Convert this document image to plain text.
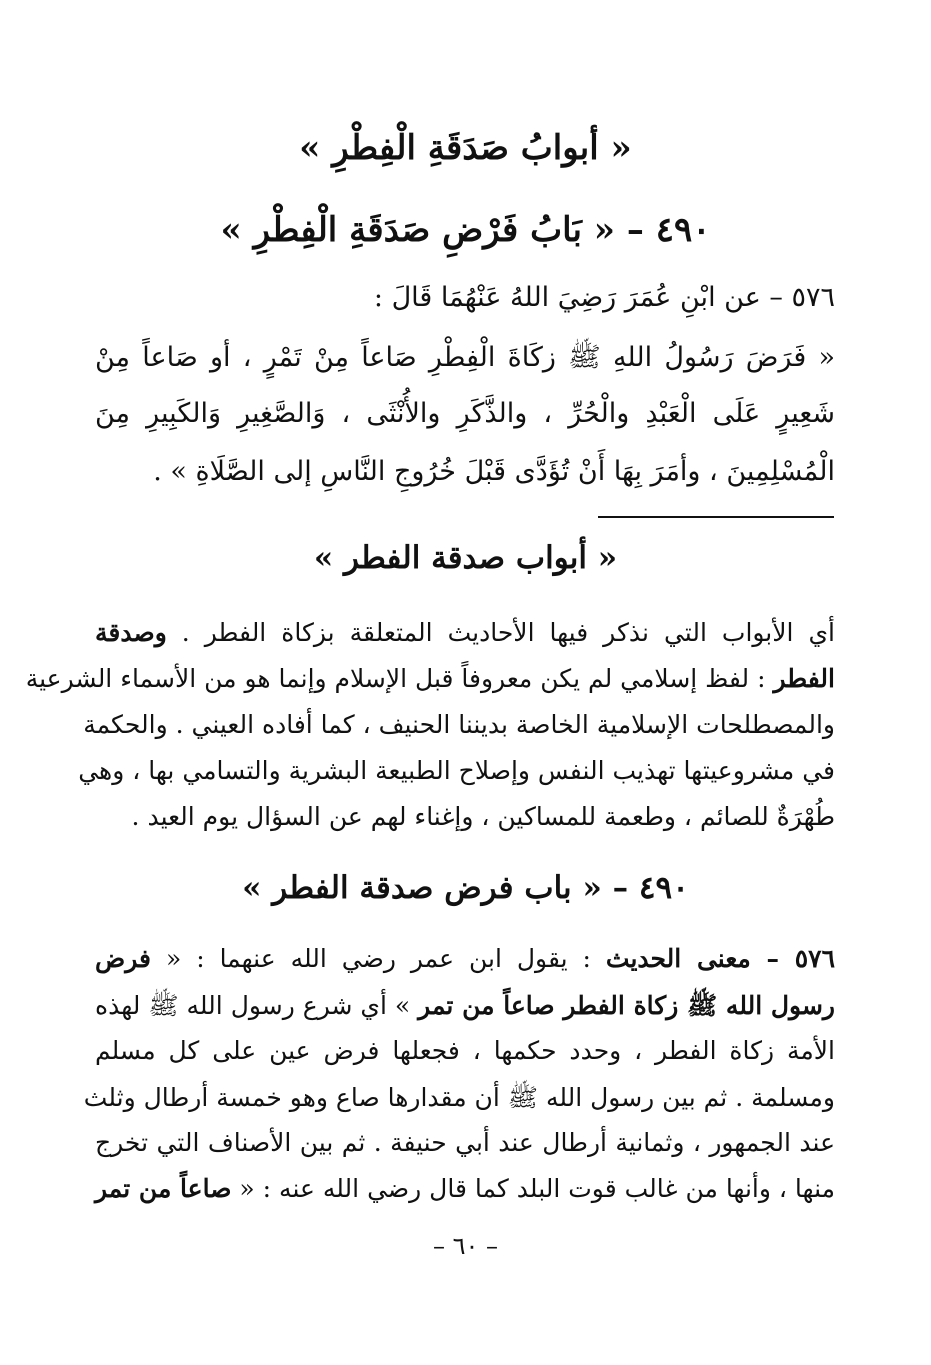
« أبوابُ صَدَقَةِ الْفِطْرِ »
٤٩٠ – « بَابُ فَرْضِ صَدَقَةِ الْفِطْرِ »
٥٧٦ – عن ابْنِ عُمَرَ رَضِيَ اللهُ عَنْهُمَا قَالَ :
« فَرَضَ رَسُولُ اللهِ ﷺ زكَاةَ الْفِطْرِ صَاعاً مِنْ تَمْرٍ ، أو صَاعاً مِنْ
شَعِيرٍ عَلَى الْعَبْدِ والْحُرِّ ، والذَّكَرِ والأُنْثَى ، وَالصَّغِيرِ وَالكَبِيرِ مِنَ
الْمُسْلِمِينَ ، وأمَرَ بِهَا أَنْ تُؤَدَّى قَبْلَ خُرُوجِ النَّاسِ إلى الصَّلَاةِ » .
« أبواب صدقة الفطر »
أي الأبواب التي نذكر فيها الأحاديث المتعلقة بزكاة الفطر . وصدقة
الفطر : لفظ إسلامي لم يكن معروفاً قبل الإسلام وإنما هو من الأسماء الشرعية
والمصطلحات الإسلامية الخاصة بديننا الحنيف ، كما أفاده العيني . والحكمة
في مشروعيتها تهذيب النفس وإصلاح الطبيعة البشرية والتسامي بها ، وهي
طُهْرَةٌ للصائم ، وطعمة للمساكين ، وإغناء لهم عن السؤال يوم العيد .
٤٩٠ – « باب فرض صدقة الفطر »
٥٧٦ – معنى الحديث : يقول ابن عمر رضي الله عنهما : « فرض
رسول الله ﷺ زكاة الفطر صاعاً من تمر » أي شرع رسول الله ﷺ لهذه
الأمة زكاة الفطر ، وحدد حكمها ، فجعلها فرض عين على كل مسلم
ومسلمة . ثم بين رسول الله ﷺ أن مقدارها صاع وهو خمسة أرطال وثلث
عند الجمهور ، وثمانية أرطال عند أبي حنيفة . ثم بين الأصناف التي تخرج
منها ، وأنها من غالب قوت البلد كما قال رضي الله عنه : « صاعاً من تمر
– ٦٠ –
